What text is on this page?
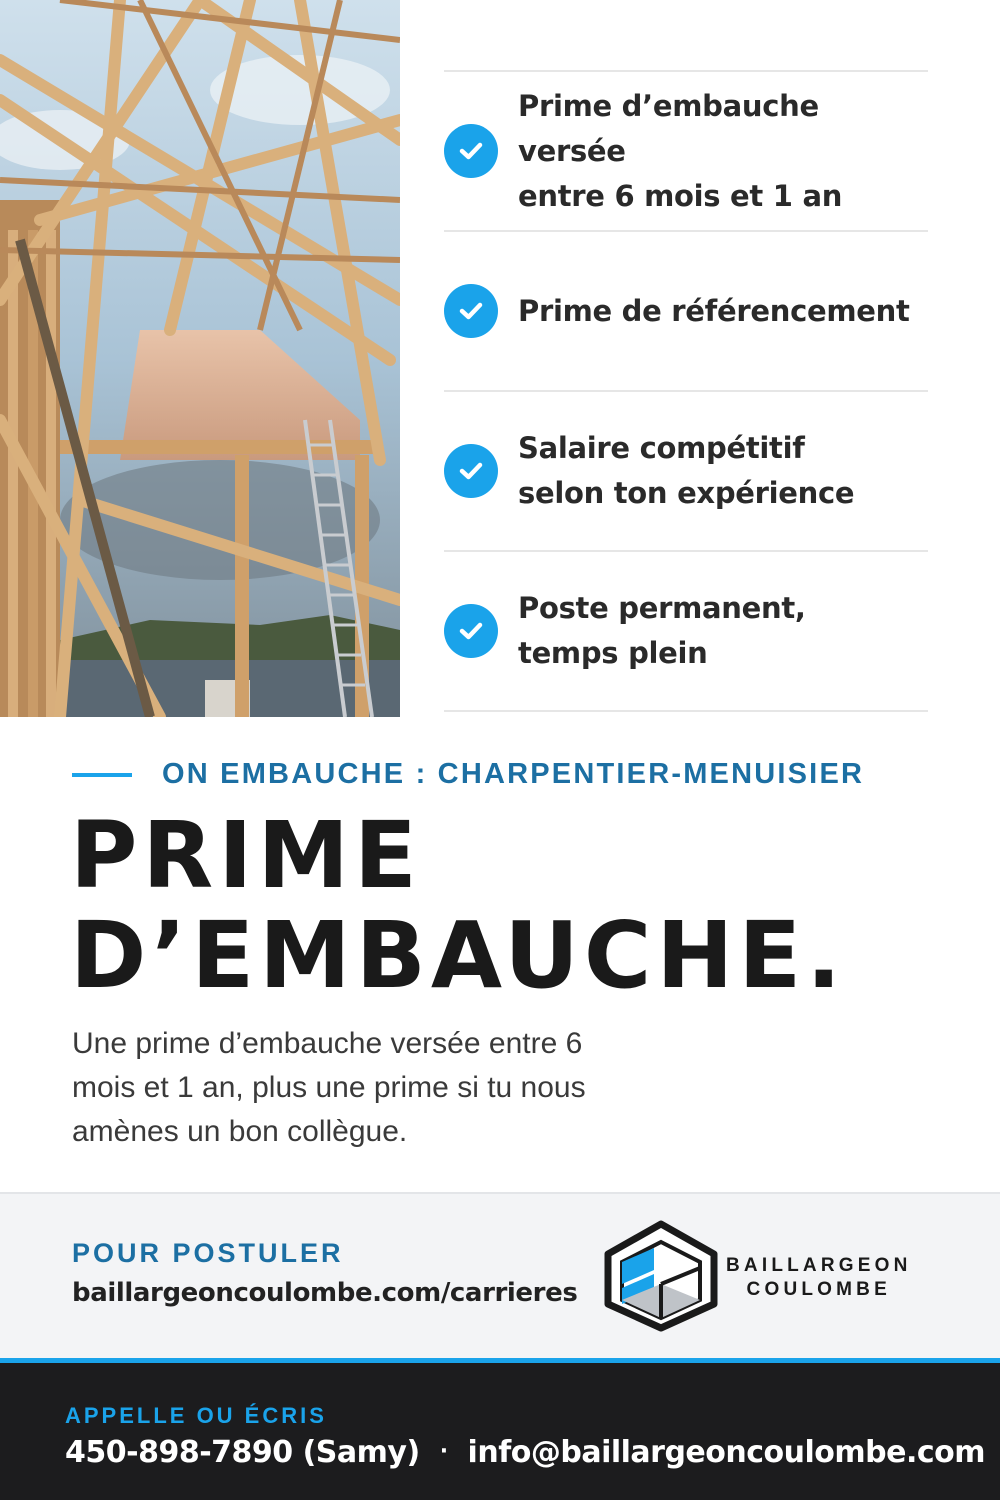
Prime d’embauche versée
entre 6 mois et 1 an
Prime de référencement
Salaire compétitif
selon ton expérience
Poste permanent,
temps plein
ON EMBAUCHE : CHARPENTIER-MENUISIER
PRIME
D’EMBAUCHE.
Une prime d’embauche versée entre 6 mois et 1 an, plus une prime si tu nous amènes un bon collègue.
POUR POSTULER
baillargeoncoulombe.com/carrieres
BAILLARGEON
COULOMBE
APPELLE OU ÉCRIS
450-898-7890 (Samy) · info@baillargeoncoulombe.com
